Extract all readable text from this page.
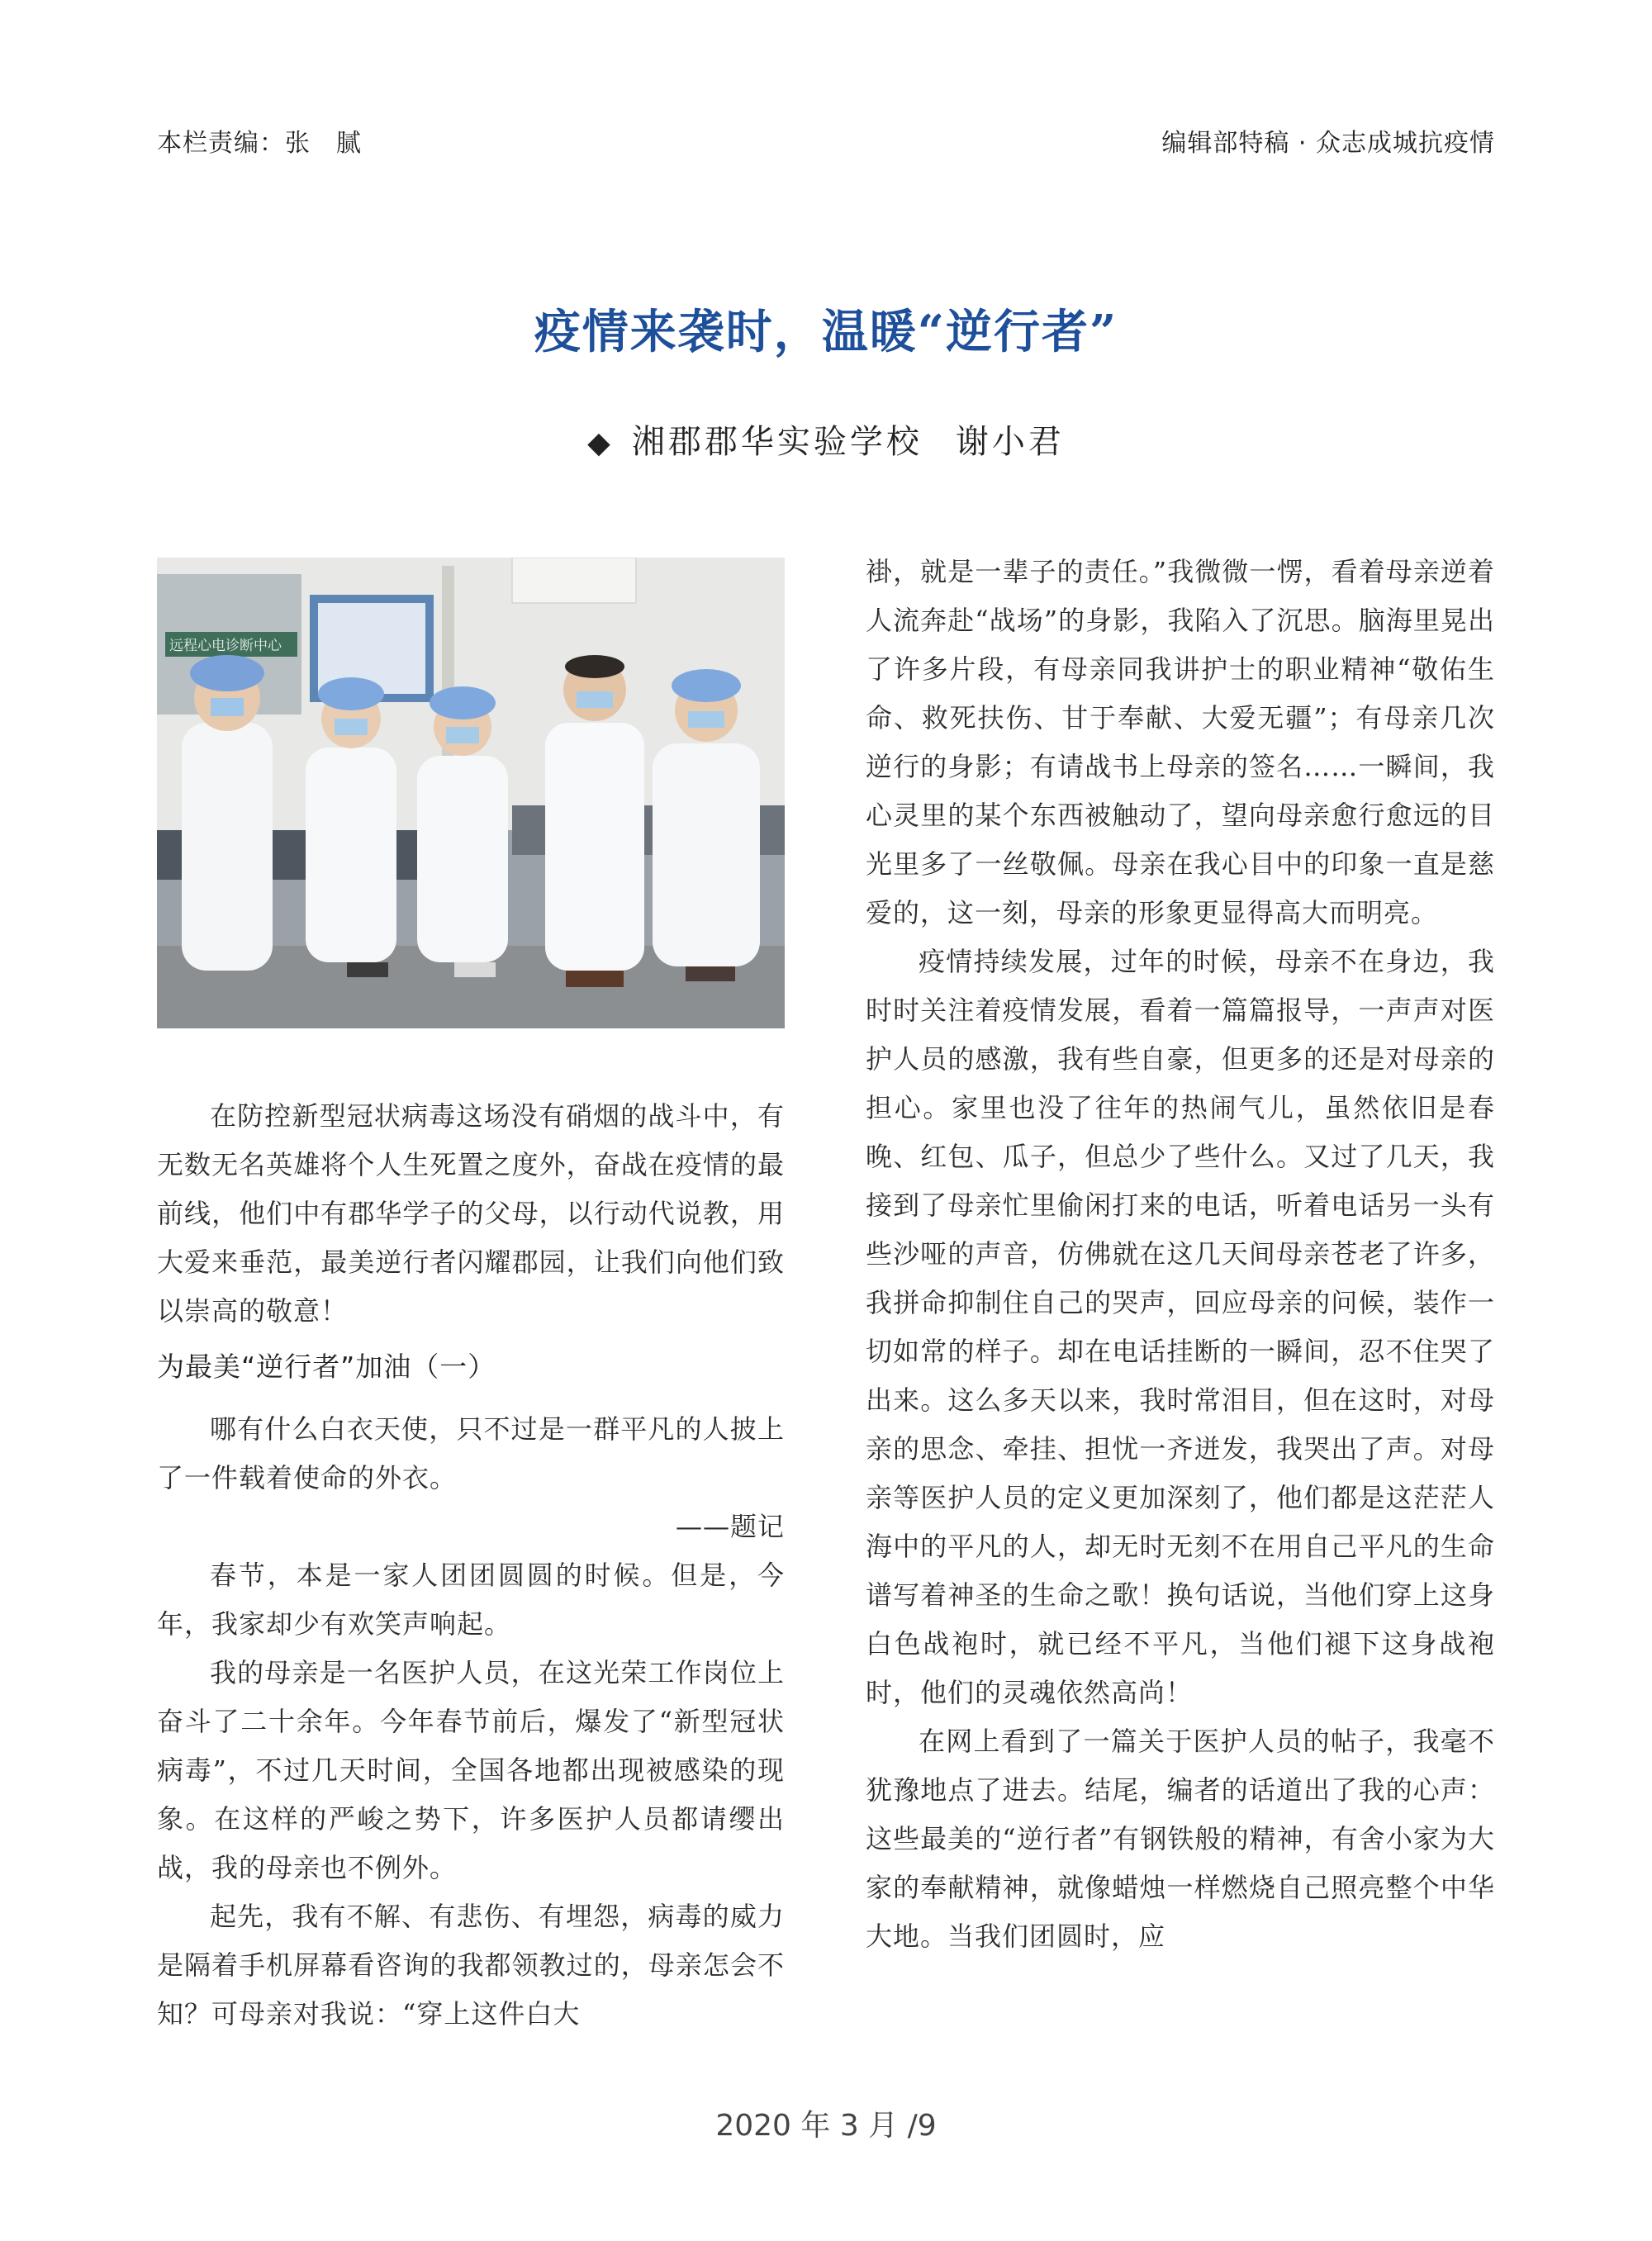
本栏责编：张　腻	编辑部特稿 · 众志成城抗疫情
疫情来袭时，温暖“逆行者”
◆ 湘郡郡华实验学校 谢小君
远程心电诊断中心

在防控新型冠状病毒这场没有硝烟的战斗中，有无数无名英雄将个人生死置之度外，奋战在疫情的最前线，他们中有郡华学子的父母，以行动代说教，用大爱来垂范，最美逆行者闪耀郡园，让我们向他们致以崇高的敬意！

为最美“逆行者”加油（一）

哪有什么白衣天使，只不过是一群平凡的人披上了一件载着使命的外衣。

——题记

春节，本是一家人团团圆圆的时候。但是，今年，我家却少有欢笑声响起。

我的母亲是一名医护人员，在这光荣工作岗位上奋斗了二十余年。今年春节前后，爆发了“新型冠状病毒”，不过几天时间，全国各地都出现被感染的现象。在这样的严峻之势下，许多医护人员都请缨出战，我的母亲也不例外。

起先，我有不解、有悲伤、有埋怨，病毒的威力是隔着手机屏幕看咨询的我都领教过的，母亲怎会不知？可母亲对我说：“穿上这件白大

褂，就是一辈子的责任。”我微微一愣，看着母亲逆着人流奔赴“战场”的身影，我陷入了沉思。脑海里晃出了许多片段，有母亲同我讲护士的职业精神“敬佑生命、救死扶伤、甘于奉献、大爱无疆”；有母亲几次逆行的身影；有请战书上母亲的签名……一瞬间，我心灵里的某个东西被触动了，望向母亲愈行愈远的目光里多了一丝敬佩。母亲在我心目中的印象一直是慈爱的，这一刻，母亲的形象更显得高大而明亮。

疫情持续发展，过年的时候，母亲不在身边，我时时关注着疫情发展，看着一篇篇报导，一声声对医护人员的感激，我有些自豪，但更多的还是对母亲的担心。家里也没了往年的热闹气儿，虽然依旧是春晚、红包、瓜子，但总少了些什么。又过了几天，我接到了母亲忙里偷闲打来的电话，听着电话另一头有些沙哑的声音，仿佛就在这几天间母亲苍老了许多，我拼命抑制住自己的哭声，回应母亲的问候，装作一切如常的样子。却在电话挂断的一瞬间，忍不住哭了出来。这么多天以来，我时常泪目，但在这时，对母亲的思念、牵挂、担忧一齐迸发，我哭出了声。对母亲等医护人员的定义更加深刻了，他们都是这茫茫人海中的平凡的人，却无时无刻不在用自己平凡的生命谱写着神圣的生命之歌！换句话说，当他们穿上这身白色战袍时，就已经不平凡，当他们褪下这身战袍时，他们的灵魂依然高尚！

在网上看到了一篇关于医护人员的帖子，我毫不犹豫地点了进去。结尾，编者的话道出了我的心声：这些最美的“逆行者”有钢铁般的精神，有舍小家为大家的奉献精神，就像蜡烛一样燃烧自己照亮整个中华大地。当我们团圆时，应

2020 年 3 月 /9
